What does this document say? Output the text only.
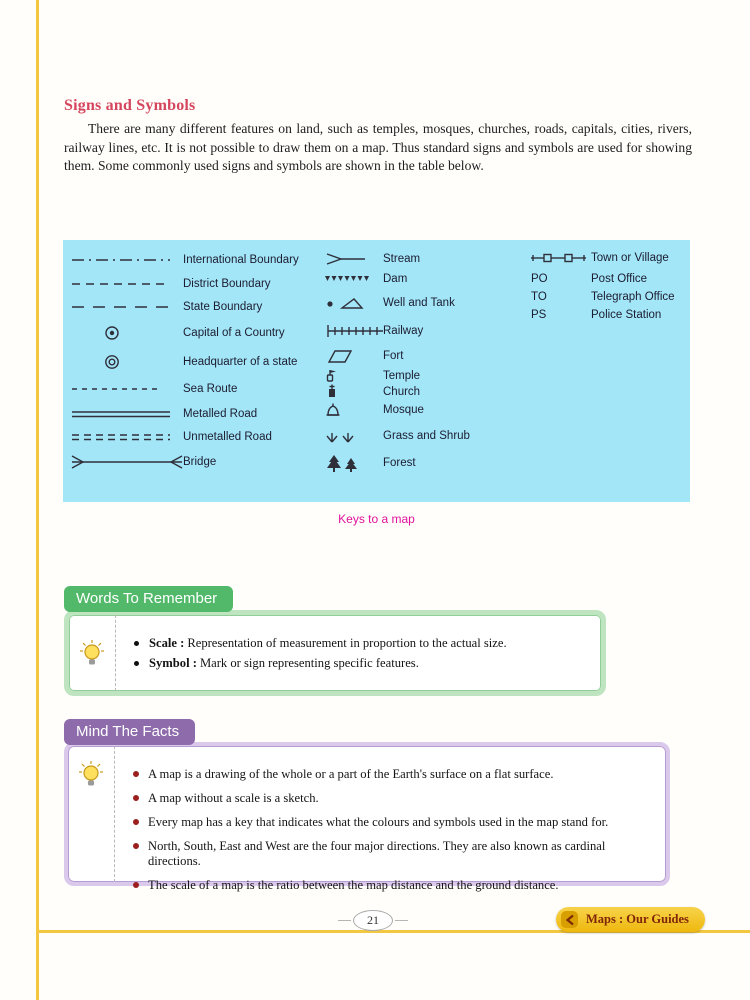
Signs and Symbols

There are many different features on land, such as temples, mosques, churches, roads, capitals, cities, rivers, railway lines, etc. It is not possible to draw them on a map. Thus standard signs and symbols are used for showing them. Some commonly used signs and symbols are shown in the table below.

International Boundary
District Boundary
State Boundary
Capital of a Country
Headquarter of a state
Sea Route
Metalled Road
Unmetalled Road
Bridge
Stream
Dam
Well and Tank
Railway
Fort
Temple
Church
Mosque
Grass and Shrub
Forest
Town or Village
PO	Post Office
TO	Telegraph Office
PS	Police Station
Keys to a map
Words To Remember
Scale : Representation of measurement in proportion to the actual size.
Symbol : Mark or sign representing specific features.
Mind The Facts
A map is a drawing of the whole or a part of the Earth's surface on a flat surface.
A map without a scale is a sketch.
Every map has a key that indicates what the colours and symbols used in the map stand for.
North, South, East and West are the four major directions. They are also known as cardinal directions.
The scale of a map is the ratio between the map distance and the ground distance.
21	Maps : Our Guides
